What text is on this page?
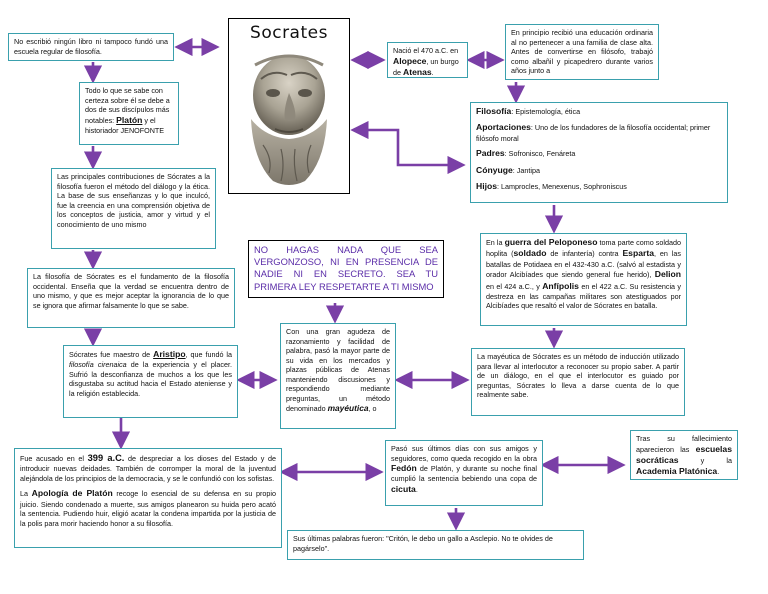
Socrates
No escribió ningún libro ni tampoco fundó una escuela regular de filosofía.
Todo lo que se sabe con certeza sobre él se debe a dos de sus discípulos más notables: Platón y el historiador JENOFONTE
Las principales contribuciones de Sócrates a la filosofía fueron el método del diálogo y la ética. La base de sus enseñanzas y lo que inculcó, fue la creencia en una comprensión objetiva de los conceptos de justicia, amor y virtud y el conocimiento de uno mismo
La filosofía de Sócrates es el fundamento de la filosofía occidental. Enseña que la verdad se encuentra dentro de uno mismo, y que es mejor aceptar la ignorancia de lo que se ignora que afirmar falsamente lo que se sabe.
Sócrates fue maestro de Aristipo, que fundó la filosofía cirenaica de la experiencia y el placer. Sufrió la desconfianza de muchos a los que les disgustaba su actitud hacia el Estado ateniense y la religión establecida.

Fue acusado en el 399 a.C. de despreciar a los dioses del Estado y de introducir nuevas deidades. También de corromper la moral de la juventud alejándola de los principios de la democracia, y se le confundió con los sofistas.

La Apología de Platón recoge lo esencial de su defensa en su propio juicio. Siendo condenado a muerte, sus amigos planearon su huida pero acató la sentencia. Pudiendo huir, eligió acatar la condena impartida por la justicia de la polis para morir haciendo honor a su filosofía.

NO HAGAS NADA QUE SEA VERGONZOSO, NI EN PRESENCIA DE NADIE NI EN SECRETO. SEA TU PRIMERA LEY RESPETARTE A TI MISMO
Nació el 470 a.C. en Alopece, un burgo de Atenas.
En principio recibió una educación ordinaria al no pertenecer a una familia de clase alta. Antes de convertirse en filósofo, trabajó como albañil y picapedrero durante varios años junto a

Filosofía: Epistemología, ética

Aportaciones: Uno de los fundadores de la filosofía occidental; primer filósofo moral

Padres: Sofronisco, Fenáreta

Cónyuge: Jantipa

Hijos: Lamprocles, Menexenus, Sophroniscus

En la guerra del Peloponeso toma parte como soldado hoplita (soldado de infantería) contra Esparta, en las batallas de Potidaea en el 432-430 a.C. (salvó al estadista y orador Alcibíades que siendo general fue herido), Delion en el 424 a.C., y Anfípolis en el 422 a.C. Su resistencia y destreza en las campañas militares son atestiguados por Alcibíades que resaltó el valor de Sócrates en batalla.
Con una gran agudeza de razonamiento y facilidad de palabra, pasó la mayor parte de su vida en los mercados y plazas públicas de Atenas manteniendo discusiones y respondiendo mediante preguntas, un método denominado mayéutica, o
La mayéutica de Sócrates es un método de inducción utilizado para llevar al interlocutor a reconocer su propio saber. A partir de un diálogo, en el que el interlocutor es guiado por preguntas, Sócrates lo lleva a darse cuenta de lo que realmente sabe.
Pasó sus últimos días con sus amigos y seguidores, como queda recogido en la obra Fedón de Platón, y durante su noche final cumplió la sentencia bebiendo una copa de cicuta.
Tras su fallecimiento aparecieron las escuelas socráticas y la Academia Platónica.
Sus últimas palabras fueron: "Critón, le debo un gallo a Asclepio. No te olvides de pagárselo".
